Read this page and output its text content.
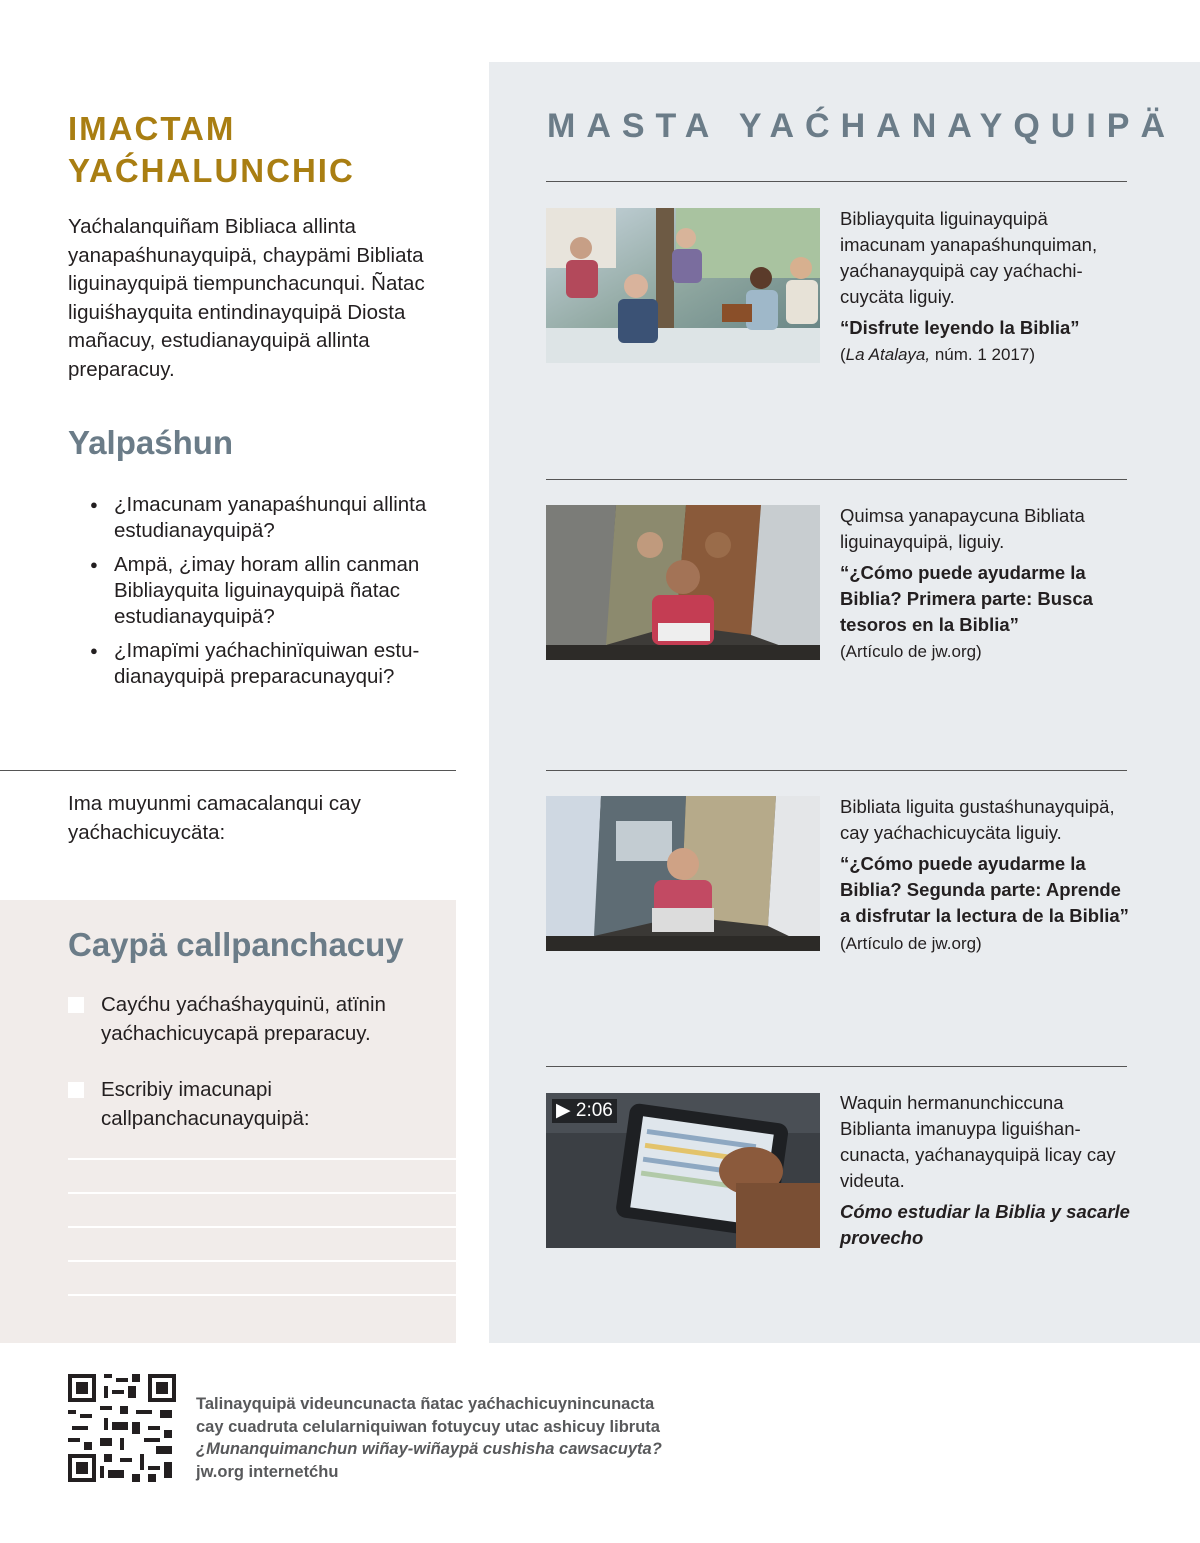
IMACTAM
YAĆHALUNCHIC

Yaćhalanquiñam Bibliaca allinta yanapaśhunayquipä, chaypämi Bibliata liguinayquipä tiempunchacunqui. Ñatac liguiśhayquita entindinayquipä Diosta mañacuy, estudianayquipä allinta preparacuy.

Yalpaśhun
● ¿Imacunam yanapaśhunqui allinta estudianayquipä?
● Ampä, ¿imay horam allin canman Bibliayquita liguinayquipä ñatac estudianayquipä?
● ¿Imapïmi yaćhachinïquiwan estudianayquipä preparacunayqui?

Ima muyunmi camacalanqui cay yaćhachicuycäta:

Caypä callpanchacuy
Cayćhu yaćhaśhayquinü, atïnin yaćhachicuycapä preparacuy.
Escribiy imacunapi callpanchacunayquipä:
MASTA YAĆHANAYQUIPÄ
Bibliayquita liguinayquipä imacunam yanapaśhunquiman, yaćhanayquipä cay yaćhachicuycäta liguiy.
“Disfrute leyendo la Biblia”
(La Atalaya, núm. 1 2017)
Quimsa yanapaycuna Bibliata liguinayquipä, liguiy.
“¿Cómo puede ayudarme la Biblia? Primera parte: Busca tesoros en la Biblia”
(Artículo de jw.org)
Bibliata liguita gustaśhunayquipä, cay yaćhachicuycäta liguiy.
“¿Cómo puede ayudarme la Biblia? Segunda parte: Aprende a disfrutar la lectura de la Biblia” (Artículo de jw.org)
▶ 2:06	Waquin hermanunchiccuna Biblianta imanuypa liguiśhancunacta, yaćhanayquipä licay cay videuta.
Cómo estudiar la Biblia y sacarle provecho
Talinayquipä videuncunacta ñatac yaćhachicuynincunacta
cay cuadruta celularniquiwan fotuycuy utac ashicuy libruta
¿Munanquimanchun wiñay-wiñaypä cushisha cawsacuyta?
jw.org internetćhu
